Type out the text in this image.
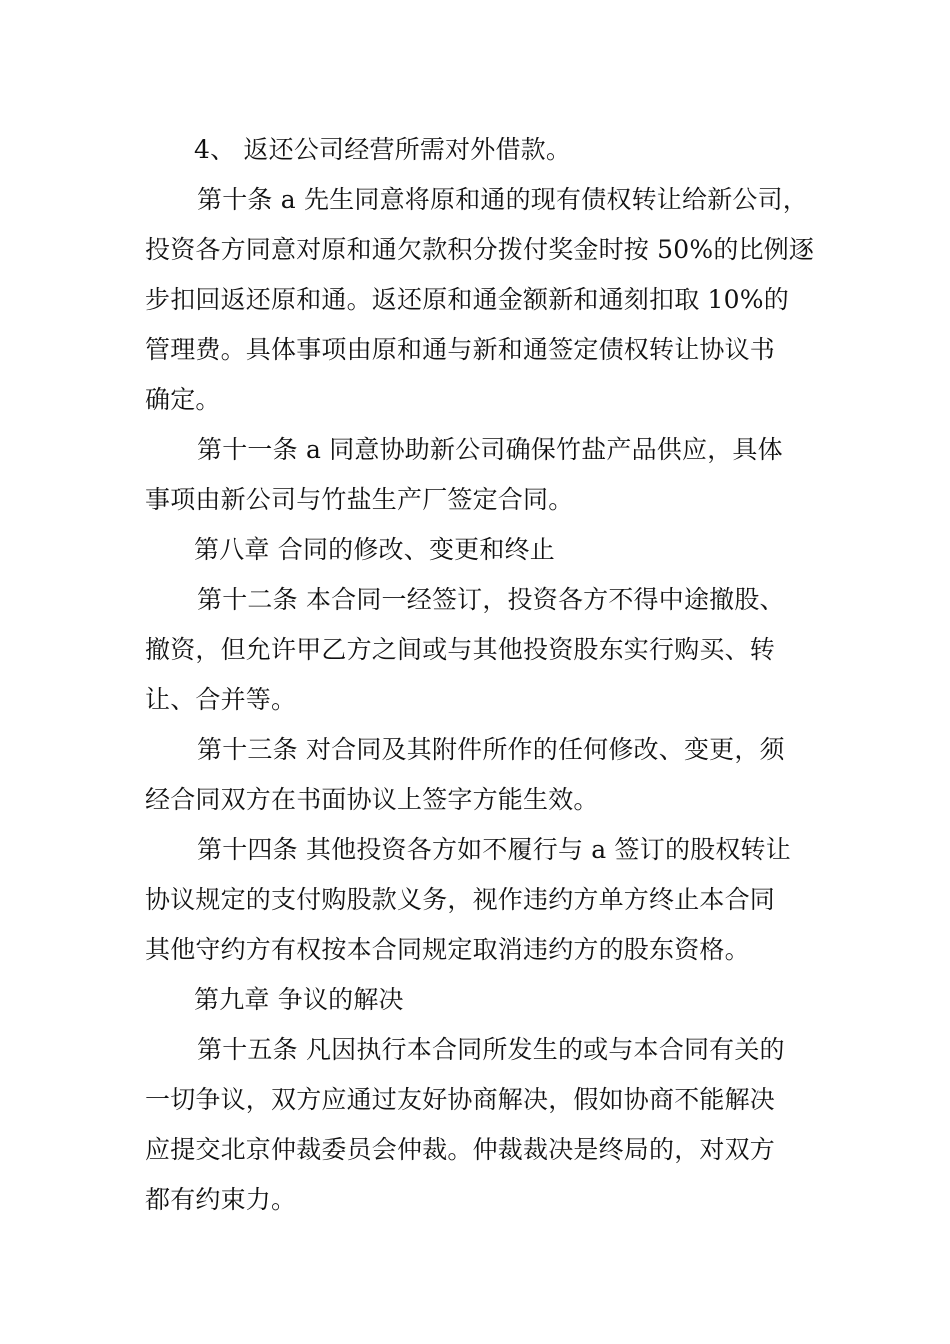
4、 返还公司经营所需对外借款。
第十条 a 先生同意将原和通的现有债权转让给新公司，
投资各方同意对原和通欠款积分拨付奖金时按 50%的比例逐
步扣回返还原和通。返还原和通金额新和通刻扣取 10%的
管理费。具体事项由原和通与新和通签定债权转让协议书
确定。
第十一条 a 同意协助新公司确保竹盐产品供应，具体
事项由新公司与竹盐生产厂签定合同。
第八章 合同的修改、变更和终止
第十二条 本合同一经签订，投资各方不得中途撤股、
撤资，但允许甲乙方之间或与其他投资股东实行购买、转
让、合并等。
第十三条 对合同及其附件所作的任何修改、变更，须
经合同双方在书面协议上签字方能生效。
第十四条 其他投资各方如不履行与 a 签订的股权转让
协议规定的支付购股款义务，视作违约方单方终止本合同
其他守约方有权按本合同规定取消违约方的股东资格。
第九章 争议的解决
第十五条 凡因执行本合同所发生的或与本合同有关的
一切争议，双方应通过友好协商解决，假如协商不能解决
应提交北京仲裁委员会仲裁。仲裁裁决是终局的，对双方
都有约束力。
